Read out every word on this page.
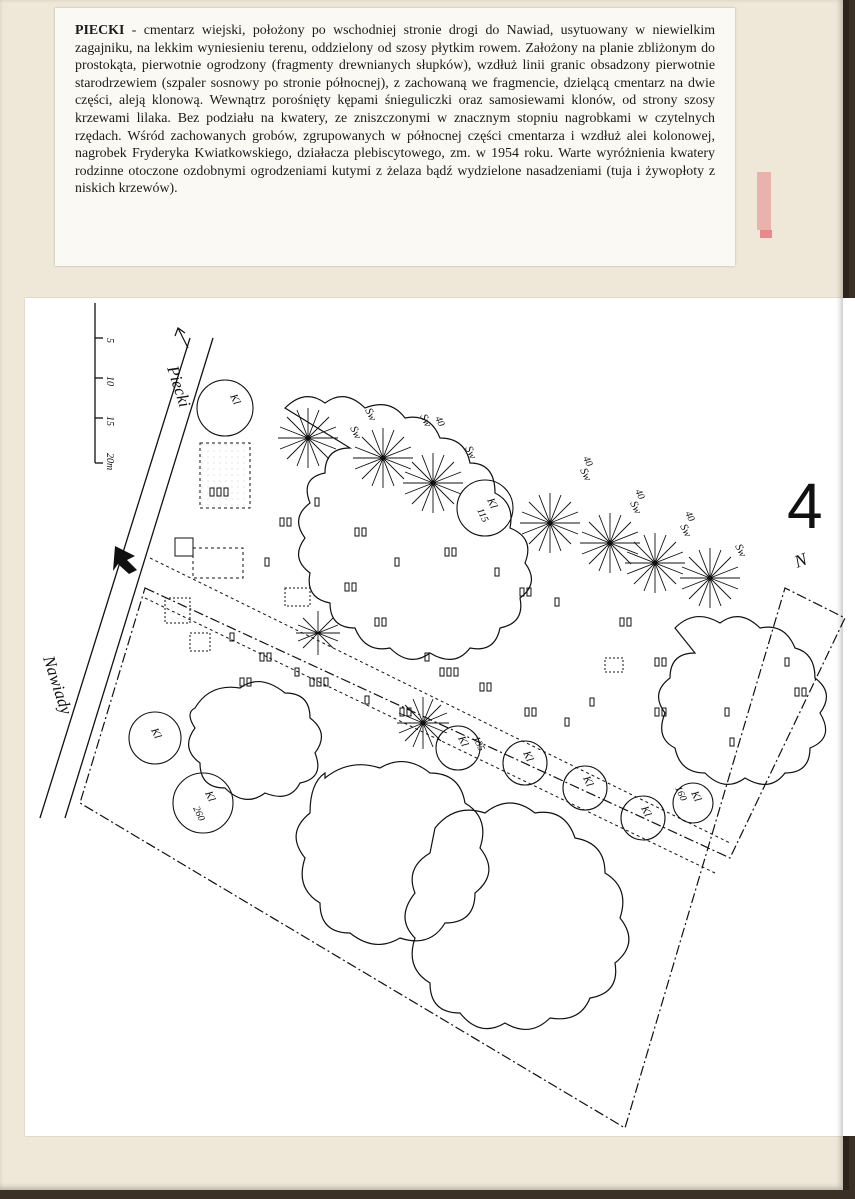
PIECKI - cmentarz wiejski, położony po wschodniej stronie drogi do Nawiad, usytuowany w niewielkim zagajniku, na lekkim wyniesieniu terenu, oddzielony od szosy płytkim rowem. Założony na planie zbliżonym do prostokąta, pierwotnie ogrodzony (fragmenty drewnianych słupków), wzdłuż linii granic obsadzony pierwotnie starodrzewiem (szpaler sosnowy po stronie północnej), z zachowaną we fragmencie, dzielącą cmentarz na dwie części, aleją klonową. Wewnątrz porośnięty kępami śnieguliczki oraz samosiewami klonów, od strony szosy krzewami lilaka. Bez podziału na kwatery, ze zniszczonymi w znacznym stopniu nagrobkami w czytelnych rzędach. Wśród zachowanych grobów, zgrupowanych w północnej części cmentarza i wzdłuż alei kolonowej, nagrobek Fryderyka Kwiatkowskiego, działacza plebiscytowego, zm. w 1954 roku. Warte wyróżnienia kwatery rodzinne otoczone ozdobnymi ogrodzeniami kutymi z żelaza bądź wydzielone nasadzeniami (tuja i żywopłoty z niskich krzewów).

Piecki
Nawiady
5
10
15
20m
4
N
Sw	Sw
Sw
Sw
Sw
Sw
Sw
Sw
40
40
40
40
Kl
Kl
Kl
Kl
Kl
Kl
Kl
Kl
Kl
115
135
160
260
